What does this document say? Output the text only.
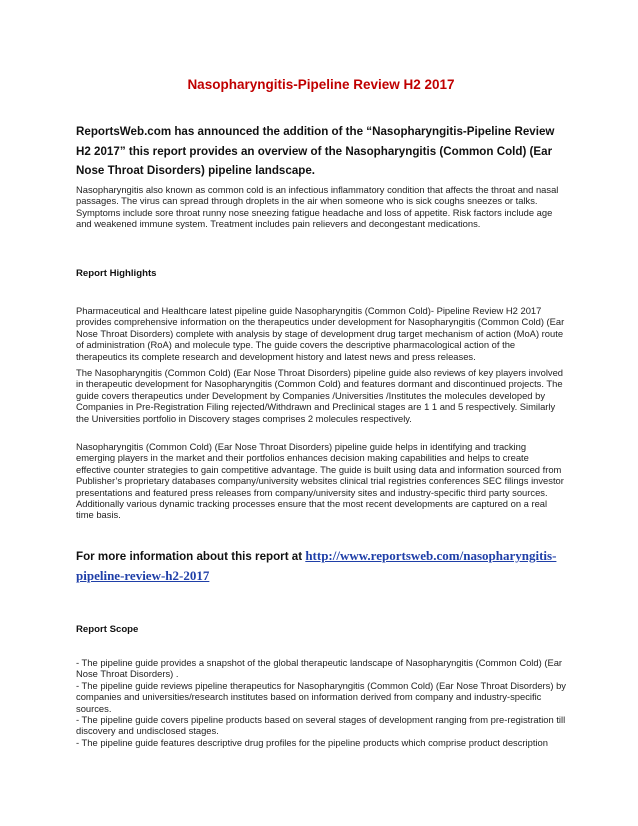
Nasopharyngitis-Pipeline Review H2 2017
ReportsWeb.com has announced the addition of the “Nasopharyngitis-Pipeline Review H2 2017” this report provides an overview of the Nasopharyngitis (Common Cold) (Ear Nose Throat Disorders) pipeline landscape.

Nasopharyngitis also known as common cold is an infectious inflammatory condition that affects the throat and nasal passages. The virus can spread through droplets in the air when someone who is sick coughs sneezes or talks. Symptoms include sore throat runny nose sneezing fatigue headache and loss of appetite. Risk factors include age and weakened immune system. Treatment includes pain relievers and decongestant medications.

Report Highlights

Pharmaceutical and Healthcare latest pipeline guide Nasopharyngitis (Common Cold)- Pipeline Review H2 2017 provides comprehensive information on the therapeutics under development for Nasopharyngitis (Common Cold) (Ear Nose Throat Disorders) complete with analysis by stage of development drug target mechanism of action (MoA) route of administration (RoA) and molecule type. The guide covers the descriptive pharmacological action of the therapeutics its complete research and development history and latest news and press releases.

The Nasopharyngitis (Common Cold) (Ear Nose Throat Disorders) pipeline guide also reviews of key players involved in therapeutic development for Nasopharyngitis (Common Cold) and features dormant and discontinued projects. The guide covers therapeutics under Development by Companies /Universities /Institutes the molecules developed by Companies in Pre-Registration Filing rejected/Withdrawn and Preclinical stages are 1 1 and 5 respectively. Similarly the Universities portfolio in Discovery stages comprises 2 molecules respectively.

Nasopharyngitis (Common Cold) (Ear Nose Throat Disorders) pipeline guide helps in identifying and tracking emerging players in the market and their portfolios enhances decision making capabilities and helps to create effective counter strategies to gain competitive advantage. The guide is built using data and information sourced from Publisher’s proprietary databases company/university websites clinical trial registries conferences SEC filings investor presentations and featured press releases from company/university sites and industry-specific third party sources. Additionally various dynamic tracking processes ensure that the most recent developments are captured on a real time basis.

For more information about this report at http://www.reportsweb.com/nasopharyngitis-pipeline-review-h2-2017
Report Scope

- The pipeline guide provides a snapshot of the global therapeutic landscape of Nasopharyngitis (Common Cold) (Ear Nose Throat Disorders) .

- The pipeline guide reviews pipeline therapeutics for Nasopharyngitis (Common Cold) (Ear Nose Throat Disorders) by companies and universities/research institutes based on information derived from company and industry-specific sources.

- The pipeline guide covers pipeline products based on several stages of development ranging from pre-registration till discovery and undisclosed stages.

- The pipeline guide features descriptive drug profiles for the pipeline products which comprise product description
